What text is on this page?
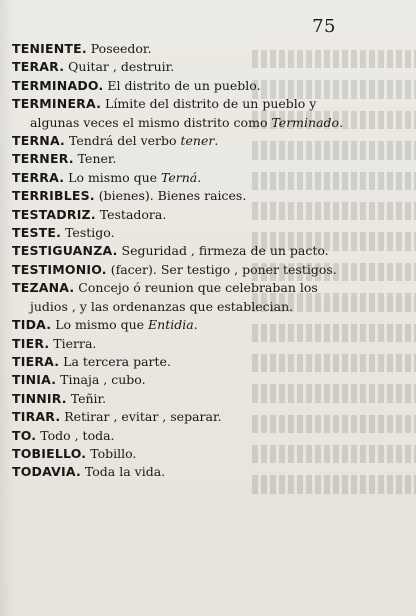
75
TENIENTE. Poseedor.
TERAR. Quitar , destruir.
TERMINADO. El distrito de un pueblo.
TERMINERA. Límite del distrito de un pueblo y
algunas veces el mismo distrito como Terminado.
TERNA. Tendrá del verbo tener.
TERNER. Tener.
TERRA. Lo mismo que Terná.
TERRIBLES. (bienes). Bienes raices.
TESTADRIZ. Testadora.
TESTE. Testigo.
TESTIGUANZA. Seguridad , firmeza de un pacto.
TESTIMONIO. (facer). Ser testigo , poner testigos.
TEZANA. Concejo ó reunion que celebraban los
judios , y las ordenanzas que establecian.
TIDA. Lo mismo que Entidia.
TIER. Tierra.
TIERA. La tercera parte.
TINIA. Tinaja , cubo.
TINNIR. Teñir.
TIRAR. Retirar , evitar , separar.
TO. Todo , toda.
TOBIELLO. Tobillo.
TODAVIA. Toda la vida.
